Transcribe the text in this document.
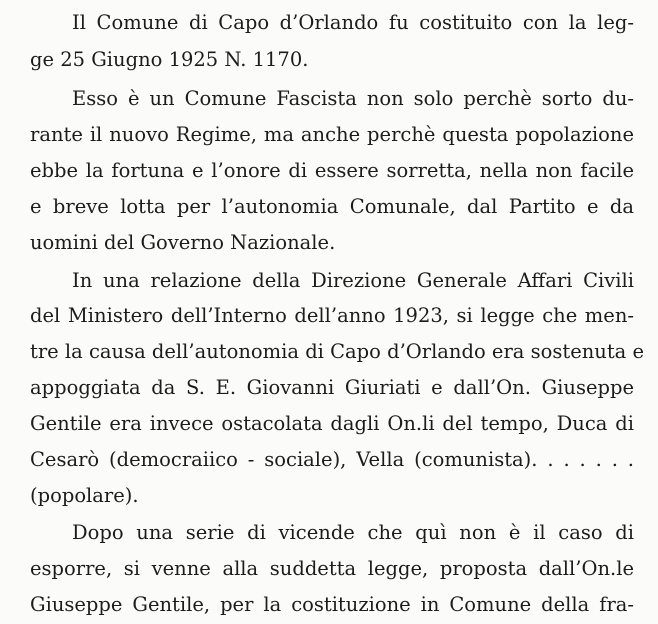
Il Comune di Capo d’Orlando fu costituito con la leg-

ge 25 Giugno 1925 N. 1170.

Esso è un Comune Fascista non solo perchè sorto du-

rante il nuovo Regime, ma anche perchè questa popolazione

ebbe la fortuna e l’onore di essere sorretta, nella non facile

e breve lotta per l’autonomia Comunale, dal Partito e da

uomini del Governo Nazionale.

In una relazione della Direzione Generale Affari Civili

del Ministero dell’Interno dell’anno 1923, si legge che men-

tre la causa dell’autonomia di Capo d’Orlando era sostenuta e

appoggiata da S. E. Giovanni Giuriati e dall’On. Giuseppe

Gentile era invece ostacolata dagli On.li del tempo, Duca di

Cesarò (democraiico - sociale), Vella (comunista). . . . . . .

(popolare).

Dopo una serie di vicende che quì non è il caso di

esporre, si venne alla suddetta legge, proposta dall’On.le

Giuseppe Gentile, per la costituzione in Comune della fra-
